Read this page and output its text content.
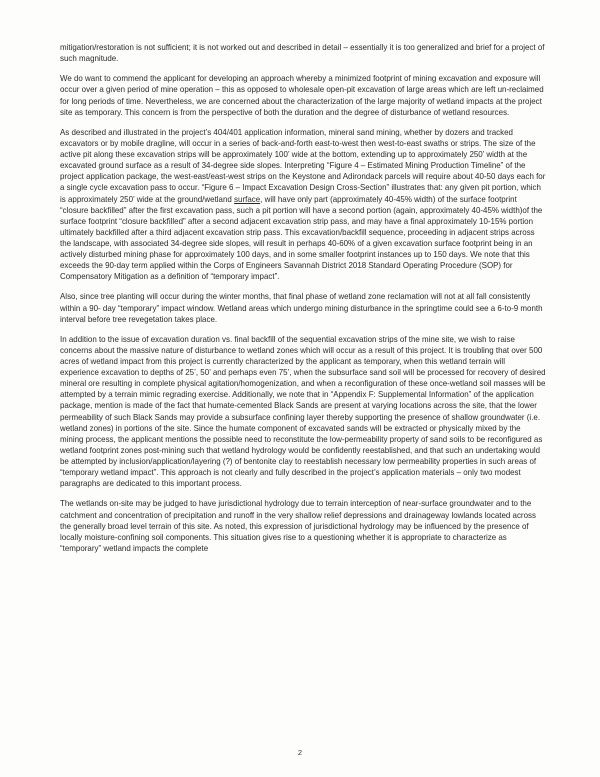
mitigation/restoration is not sufficient; it is not worked out and described in detail – essentially it is too generalized and brief for a project of such magnitude.

We do want to commend the applicant for developing an approach whereby a minimized footprint of mining excavation and exposure will occur over a given period of mine operation – this as opposed to wholesale open-pit excavation of large areas which are left un-reclaimed for long periods of time. Nevertheless, we are concerned about the characterization of the large majority of wetland impacts at the project site as temporary. This concern is from the perspective of both the duration and the degree of disturbance of wetland resources.

As described and illustrated in the project’s 404/401 application information, mineral sand mining, whether by dozers and tracked excavators or by mobile dragline, will occur in a series of back-and-forth east-to-west then west-to-east swaths or strips. The size of the active pit along these excavation strips will be approximately 100’ wide at the bottom, extending up to approximately 250’ width at the excavated ground surface as a result of 34-degree side slopes. Interpreting “Figure 4 – Estimated Mining Production Timeline” of the project application package, the west-east/east-west strips on the Keystone and Adirondack parcels will require about 40-50 days each for a single cycle excavation pass to occur. “Figure 6 – Impact Excavation Design Cross-Section” illustrates that: any given pit portion, which is approximately 250’ wide at the ground/wetland surface, will have only part (approximately 40-45% width) of the surface footprint “closure backfilled” after the first excavation pass, such a pit portion will have a second portion (again, approximately 40-45% width)of the surface footprint “closure backfilled” after a second adjacent excavation strip pass, and may have a final approximately 10-15% portion ultimately backfilled after a third adjacent excavation strip pass. This excavation/backfill sequence, proceeding in adjacent strips across the landscape, with associated 34-degree side slopes, will result in perhaps 40-60% of a given excavation surface footprint being in an actively disturbed mining phase for approximately 100 days, and in some smaller footprint instances up to 150 days. We note that this exceeds the 90-day term applied within the Corps of Engineers Savannah District 2018 Standard Operating Procedure (SOP) for Compensatory Mitigation as a definition of “temporary impact”.

Also, since tree planting will occur during the winter months, that final phase of wetland zone reclamation will not at all fall consistently within a 90- day “temporary” impact window. Wetland areas which undergo mining disturbance in the springtime could see a 6-to-9 month interval before tree revegetation takes place.

In addition to the issue of excavation duration vs. final backfill of the sequential excavation strips of the mine site, we wish to raise concerns about the massive nature of disturbance to wetland zones which will occur as a result of this project. It is troubling that over 500 acres of wetland impact from this project is currently characterized by the applicant as temporary, when this wetland terrain will experience excavation to depths of 25’, 50’ and perhaps even 75’, when the subsurface sand soil will be processed for recovery of desired mineral ore resulting in complete physical agitation/homogenization, and when a reconfiguration of these once-wetland soil masses will be attempted by a terrain mimic regrading exercise. Additionally, we note that in “Appendix F: Supplemental Information” of the application package, mention is made of the fact that humate-cemented Black Sands are present at varying locations across the site, that the lower permeability of such Black Sands may provide a subsurface confining layer thereby supporting the presence of shallow groundwater (i.e. wetland zones) in portions of the site. Since the humate component of excavated sands will be extracted or physically mixed by the mining process, the applicant mentions the possible need to reconstitute the low-permeability property of sand soils to be reconfigured as wetland footprint zones post-mining such that wetland hydrology would be confidently reestablished, and that such an undertaking would be attempted by inclusion/application/layering (?) of bentonite clay to reestablish necessary low permeability properties in such areas of “temporary wetland impact”. This approach is not clearly and fully described in the project’s application materials – only two modest paragraphs are dedicated to this important process.

The wetlands on-site may be judged to have jurisdictional hydrology due to terrain interception of near-surface groundwater and to the catchment and concentration of precipitation and runoff in the very shallow relief depressions and drainageway lowlands located across the generally broad level terrain of this site. As noted, this expression of jurisdictional hydrology may be influenced by the presence of locally moisture-confining soil components. This situation gives rise to a questioning whether it is appropriate to characterize as “temporary” wetland impacts the complete

2
